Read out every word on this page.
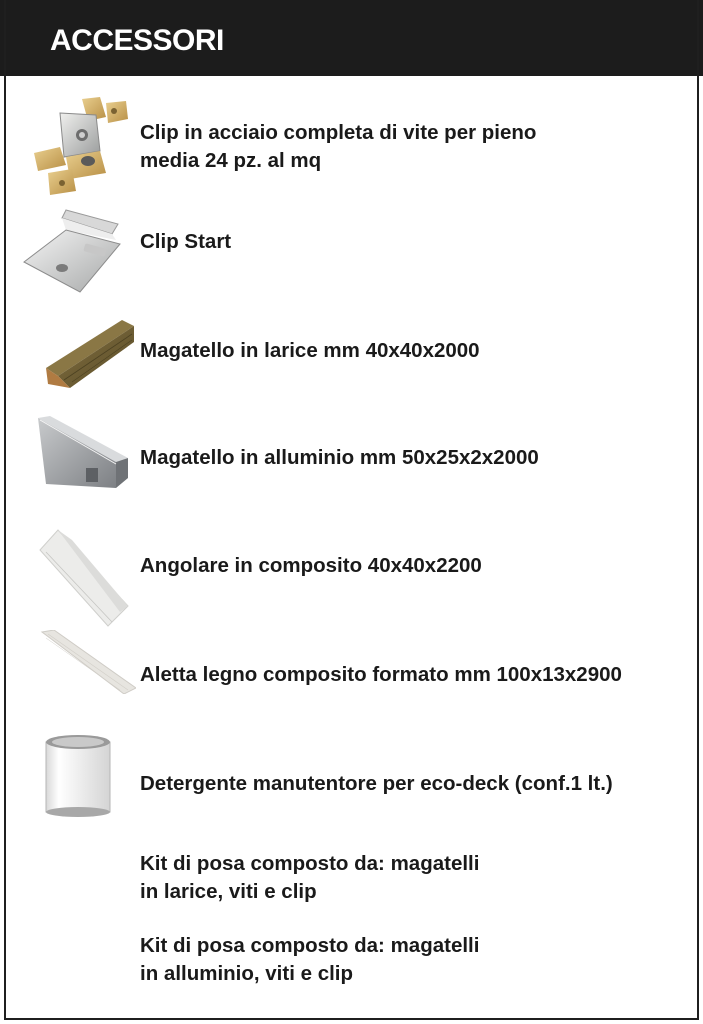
ACCESSORI
Clip in acciaio completa di vite per pieno
media 24 pz. al mq
Clip Start
Magatello in larice mm 40x40x2000
Magatello in alluminio mm 50x25x2x2000
Angolare in composito 40x40x2200
Aletta legno composito formato mm 100x13x2900
Detergente manutentore per eco-deck (conf.1 lt.)
Kit di posa composto da: magatelli
in larice, viti e clip
Kit di posa composto da: magatelli
in alluminio, viti e clip
